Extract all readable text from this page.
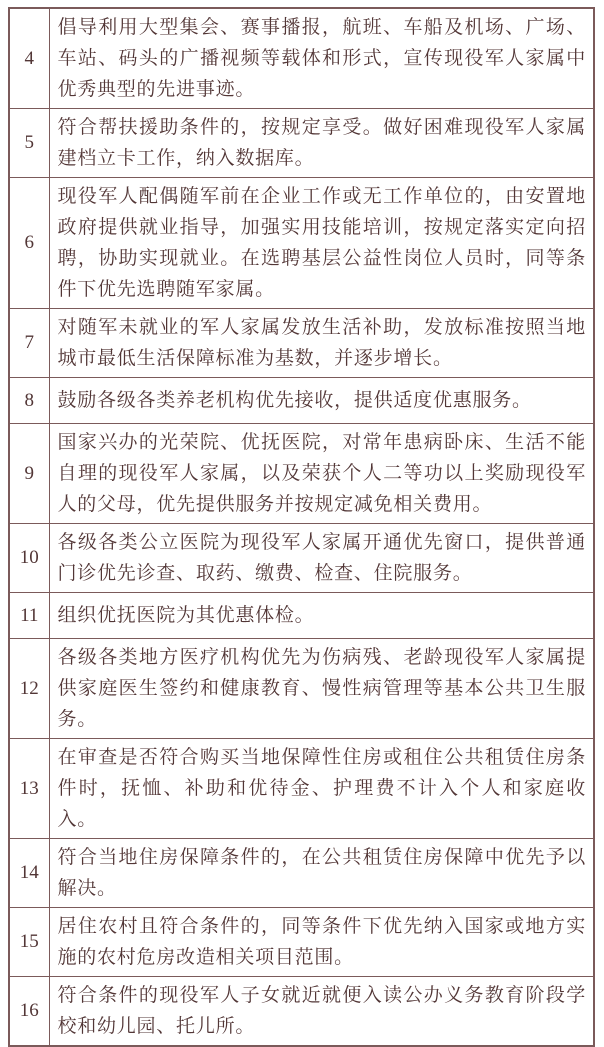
4	倡导利用大型集会、赛事播报，航班、车船及机场、广场、车站、码头的广播视频等载体和形式，宣传现役军人家属中优秀典型的先进事迹。
5	符合帮扶援助条件的，按规定享受。做好困难现役军人家属建档立卡工作，纳入数据库。
6	现役军人配偶随军前在企业工作或无工作单位的，由安置地政府提供就业指导，加强实用技能培训，按规定落实定向招聘，协助实现就业。在选聘基层公益性岗位人员时，同等条件下优先选聘随军家属。
7	对随军未就业的军人家属发放生活补助，发放标准按照当地城市最低生活保障标准为基数，并逐步增长。
8	鼓励各级各类养老机构优先接收，提供适度优惠服务。
9	国家兴办的光荣院、优抚医院，对常年患病卧床、生活不能自理的现役军人家属，以及荣获个人二等功以上奖励现役军人的父母，优先提供服务并按规定减免相关费用。
10	各级各类公立医院为现役军人家属开通优先窗口，提供普通门诊优先诊查、取药、缴费、检查、住院服务。
11	组织优抚医院为其优惠体检。
12	各级各类地方医疗机构优先为伤病残、老龄现役军人家属提供家庭医生签约和健康教育、慢性病管理等基本公共卫生服务。
13	在审查是否符合购买当地保障性住房或租住公共租赁住房条件时，抚恤、补助和优待金、护理费不计入个人和家庭收入。
14	符合当地住房保障条件的，在公共租赁住房保障中优先予以解决。
15	居住农村且符合条件的，同等条件下优先纳入国家或地方实施的农村危房改造相关项目范围。
16	符合条件的现役军人子女就近就便入读公办义务教育阶段学校和幼儿园、托儿所。
